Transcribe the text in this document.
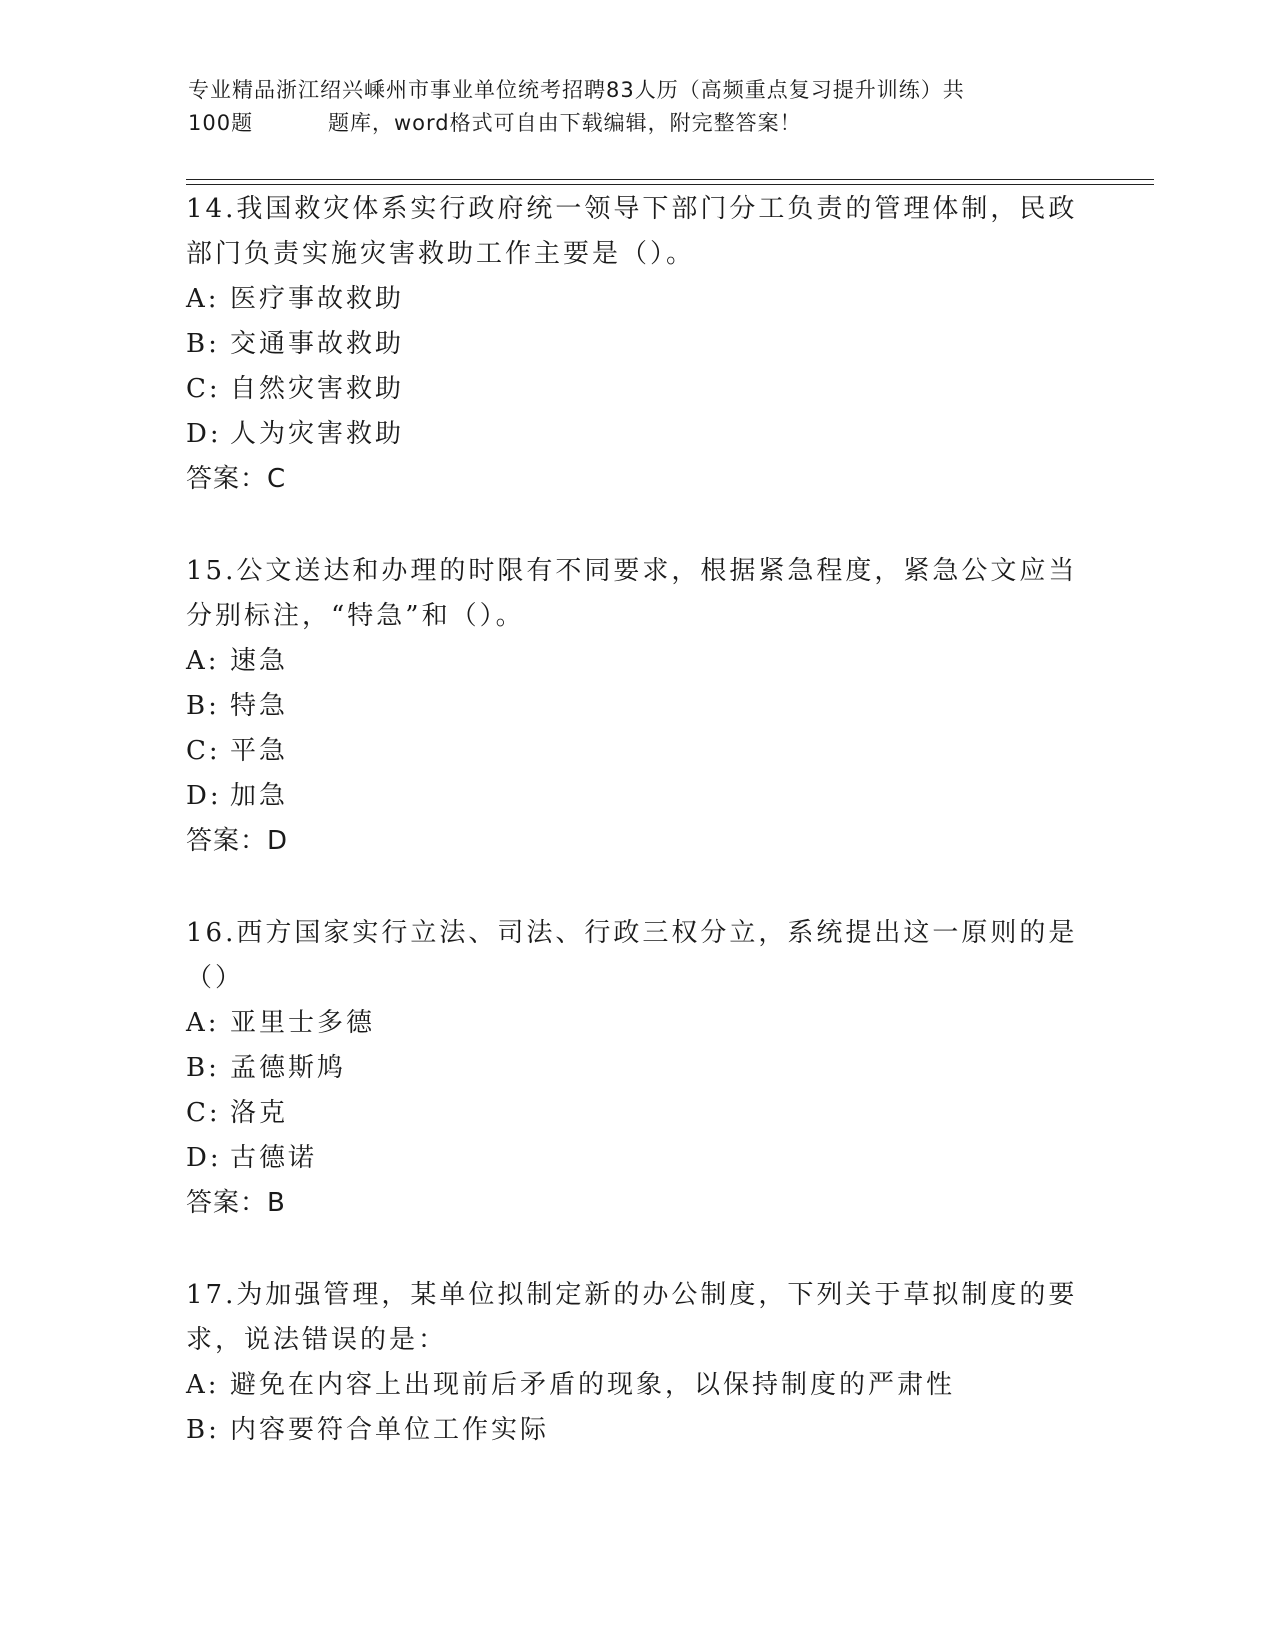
专业精品浙江绍兴嵊州市事业单位统考招聘83人历（高频重点复习提升训练）共
100题	题库，word格式可自由下载编辑，附完整答案！
14.我国救灾体系实行政府统一领导下部门分工负责的管理体制，民政
部门负责实施灾害救助工作主要是（）。
A: 医疗事故救助
B: 交通事故救助
C: 自然灾害救助
D: 人为灾害救助
答案：C
15.公文送达和办理的时限有不同要求，根据紧急程度，紧急公文应当
分别标注，“特急”和（）。
A: 速急
B: 特急
C: 平急
D: 加急
答案：D
16.西方国家实行立法、司法、行政三权分立，系统提出这一原则的是
（）
A: 亚里士多德
B: 孟德斯鸠
C: 洛克
D: 古德诺
答案：B
17.为加强管理，某单位拟制定新的办公制度，下列关于草拟制度的要
求，说法错误的是：
A: 避免在内容上出现前后矛盾的现象，以保持制度的严肃性
B: 内容要符合单位工作实际
